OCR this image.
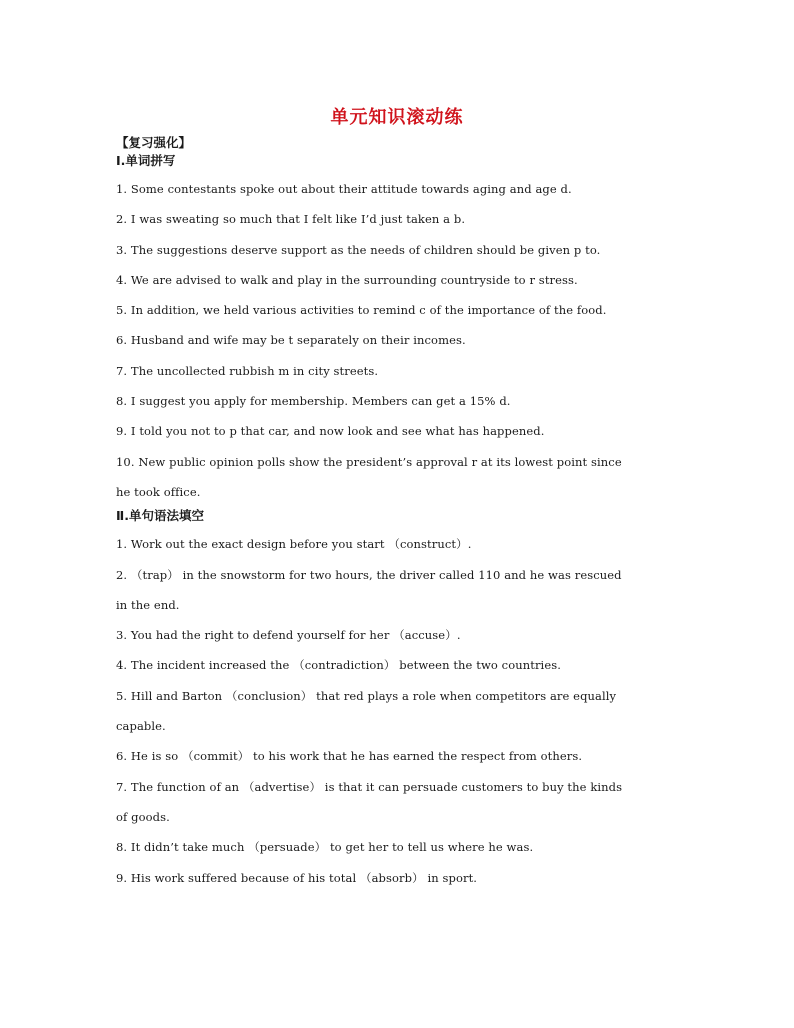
单元知识滚动练
【复习强化】
Ⅰ.单词拼写
1. Some contestants spoke out about their attitude towards aging and age d.
2. I was sweating so much that I felt like I’d just taken a b.
3. The suggestions deserve support as the needs of children should be given p to.
4. We are advised to walk and play in the surrounding countryside to r stress.
5. In addition, we held various activities to remind c of the importance of the food.
6. Husband and wife may be t separately on their incomes.
7. The uncollected rubbish m in city streets.
8. I suggest you apply for membership. Members can get a 15% d.
9. I told you not to p that car, and now look and see what has happened.
10. New public opinion polls show the president’s approval r at its lowest point since
he took office.
Ⅱ.单句语法填空
1. Work out the exact design before you start （construct）.
2. （trap） in the snowstorm for two hours, the driver called 110 and he was rescued
in the end.
3. You had the right to defend yourself for her （accuse）.
4. The incident increased the （contradiction） between the two countries.
5. Hill and Barton （conclusion） that red plays a role when competitors are equally
capable.
6. He is so （commit） to his work that he has earned the respect from others.
7. The function of an （advertise） is that it can persuade customers to buy the kinds
of goods.
8. It didn’t take much （persuade） to get her to tell us where he was.
9. His work suffered because of his total （absorb） in sport.
